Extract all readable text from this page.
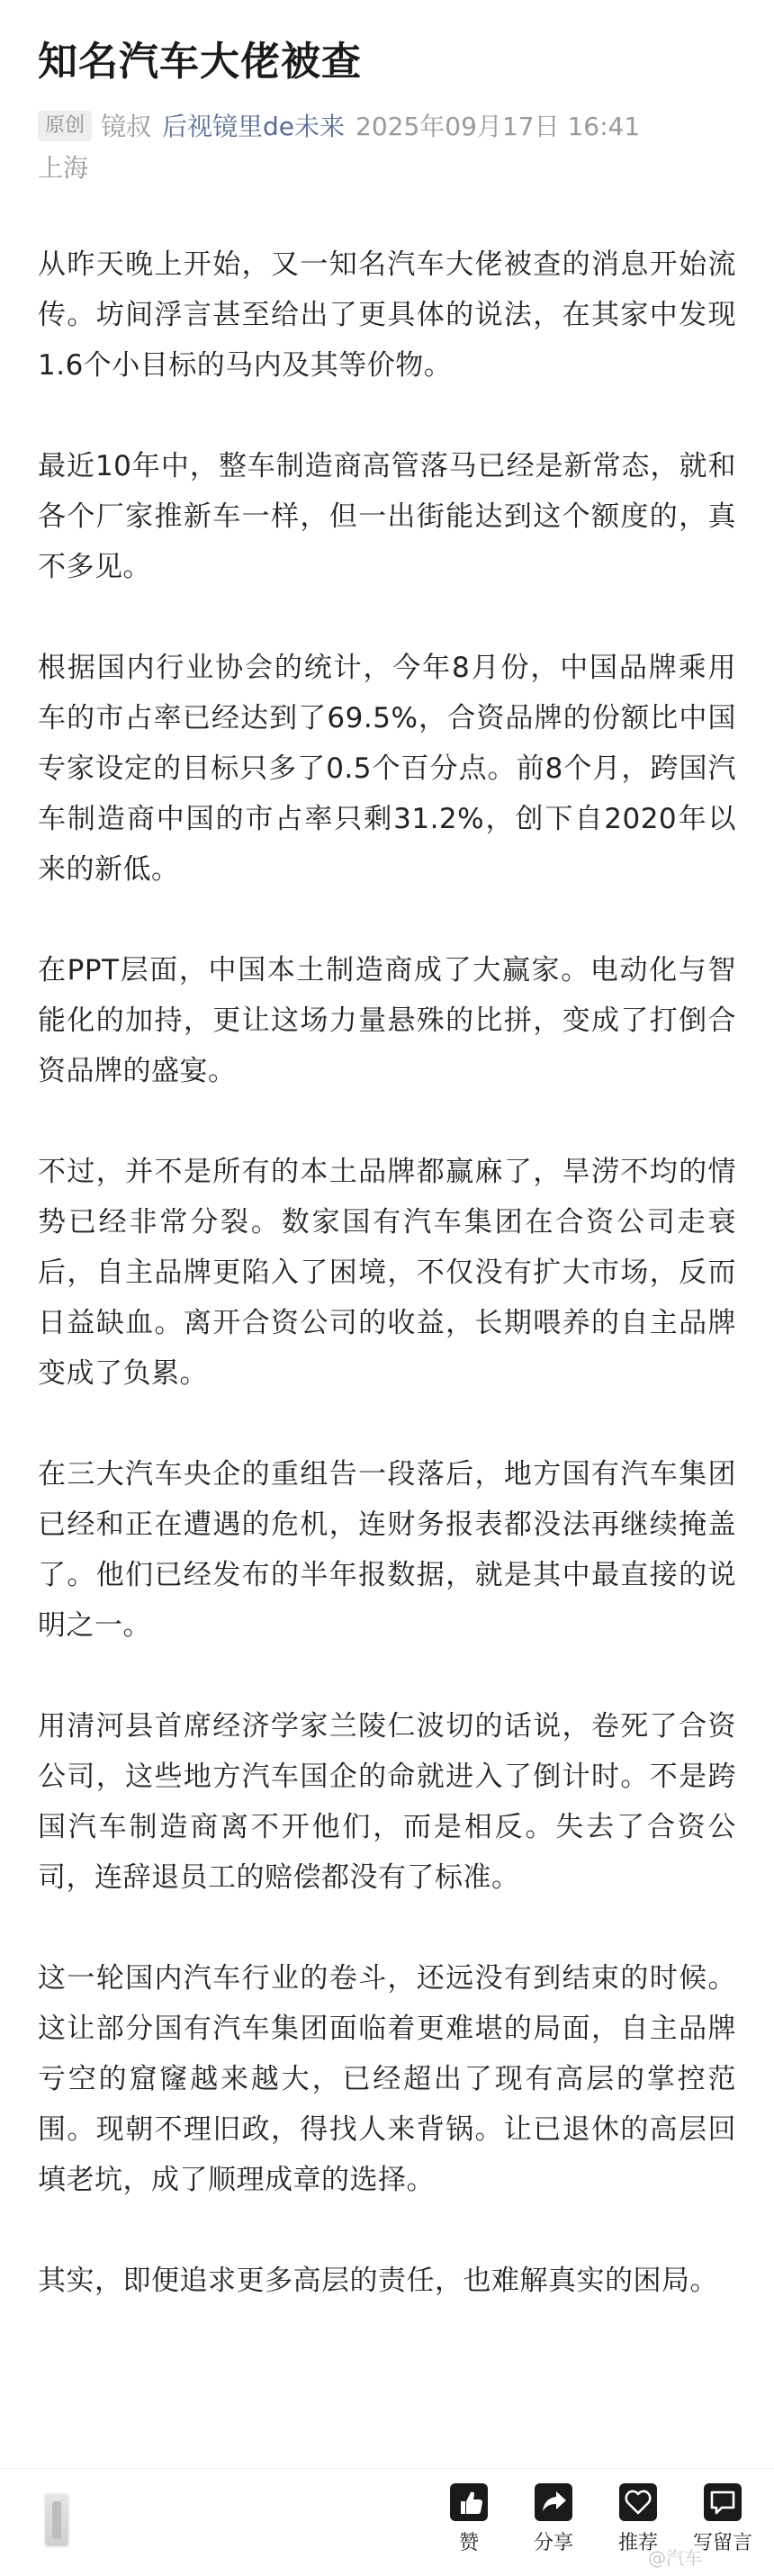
知名汽车大佬被查
原创 镜叔 后视镜里de未来 2025年09月17日 16:41
上海

从昨天晚上开始，又一知名汽车大佬被查的消息开始流传。坊间浮言甚至给出了更具体的说法，在其家中发现1.6个小目标的马内及其等价物。

最近10年中，整车制造商高管落马已经是新常态，就和各个厂家推新车一样，但一出街能达到这个额度的，真不多见。

根据国内行业协会的统计，今年8月份，中国品牌乘用车的市占率已经达到了69.5%，合资品牌的份额比中国专家设定的目标只多了0.5个百分点。前8个月，跨国汽车制造商中国的市占率只剩31.2%，创下自2020年以来的新低。

在PPT层面，中国本土制造商成了大赢家。电动化与智能化的加持，更让这场力量悬殊的比拼，变成了打倒合资品牌的盛宴。

不过，并不是所有的本土品牌都赢麻了，旱涝不均的情势已经非常分裂。数家国有汽车集团在合资公司走衰后，自主品牌更陷入了困境，不仅没有扩大市场，反而日益缺血。离开合资公司的收益，长期喂养的自主品牌变成了负累。

在三大汽车央企的重组告一段落后，地方国有汽车集团已经和正在遭遇的危机，连财务报表都没法再继续掩盖了。他们已经发布的半年报数据，就是其中最直接的说明之一。

用清河县首席经济学家兰陵仁波切的话说，卷死了合资公司，这些地方汽车国企的命就进入了倒计时。不是跨国汽车制造商离不开他们，而是相反。失去了合资公司，连辞退员工的赔偿都没有了标准。

这一轮国内汽车行业的卷斗，还远没有到结束的时候。这让部分国有汽车集团面临着更难堪的局面，自主品牌亏空的窟窿越来越大，已经超出了现有高层的掌控范围。现朝不理旧政，得找人来背锅。让已退休的高层回填老坑，成了顺理成章的选择。

其实，即便追求更多高层的责任，也难解真实的困局。

赞	分享	推荐	写留言
@汽车
